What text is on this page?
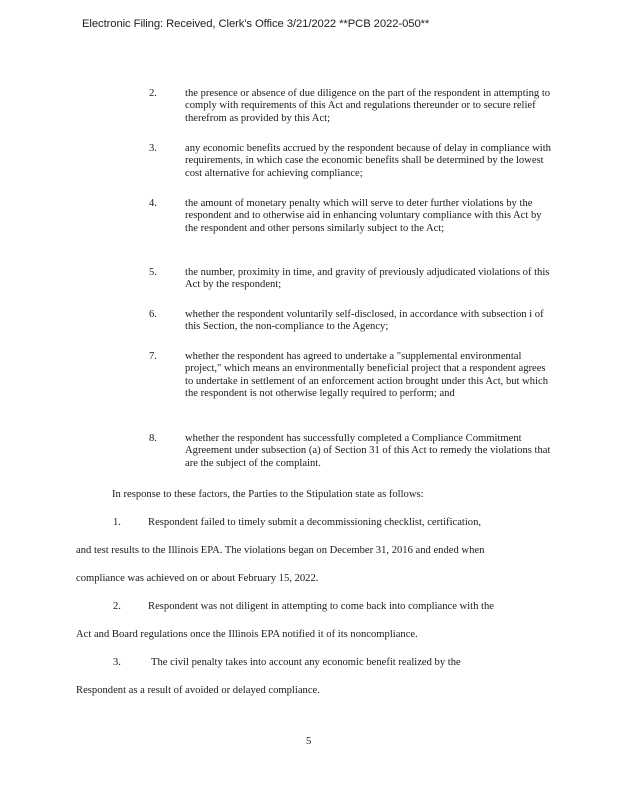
Electronic Filing: Received, Clerk's Office 3/21/2022 **PCB 2022-050**
2.	the presence or absence of due diligence on the part of the respondent in attempting to comply with requirements of this Act and regulations thereunder or to secure relief therefrom as provided by this Act;
3.	any economic benefits accrued by the respondent because of delay in compliance with requirements, in which case the economic benefits shall be determined by the lowest cost alternative for achieving compliance;
4.	the amount of monetary penalty which will serve to deter further violations by the respondent and to otherwise aid in enhancing voluntary compliance with this Act by the respondent and other persons similarly subject to the Act;
5.	the number, proximity in time, and gravity of previously adjudicated violations of this Act by the respondent;
6.	whether the respondent voluntarily self-disclosed, in accordance with subsection i of this Section, the non-compliance to the Agency;
7.	whether the respondent has agreed to undertake a "supplemental environmental project," which means an environmentally beneficial project that a respondent agrees to undertake in settlement of an enforcement action brought under this Act, but which the respondent is not otherwise legally required to perform; and
8.	whether the respondent has successfully completed a Compliance Commitment Agreement under subsection (a) of Section 31 of this Act to remedy the violations that are the subject of the complaint.
In response to these factors, the Parties to the Stipulation state as follows:
1.	Respondent failed to timely submit a decommissioning checklist, certification,
and test results to the Illinois EPA. The violations began on December 31, 2016 and ended when
compliance was achieved on or about February 15, 2022.
2.	Respondent was not diligent in attempting to come back into compliance with the
Act and Board regulations once the Illinois EPA notified it of its noncompliance.
3.	The civil penalty takes into account any economic benefit realized by the
Respondent as a result of avoided or delayed compliance.
5
